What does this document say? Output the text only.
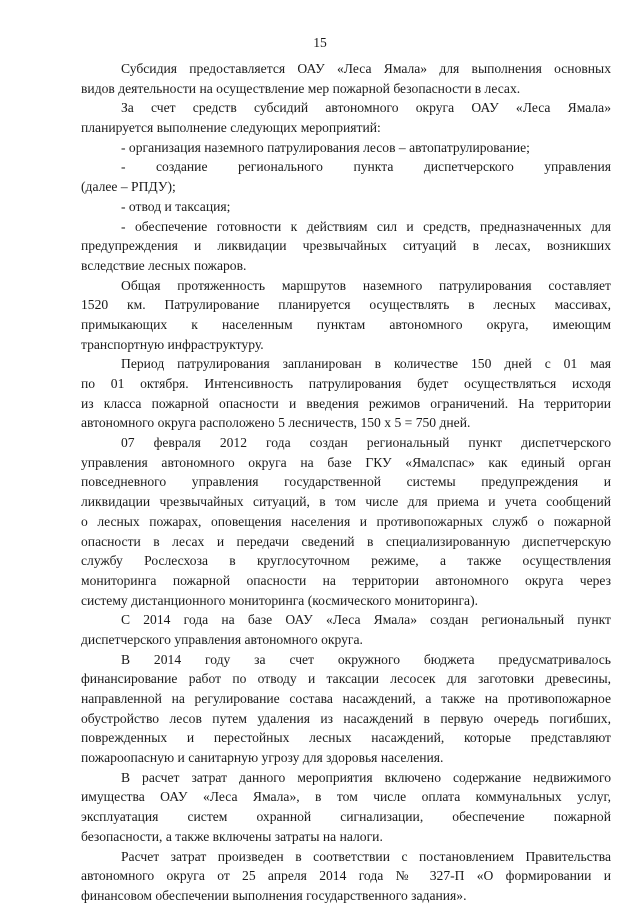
15
Субсидия предоставляется ОАУ «Леса Ямала» для выполнения основных
видов деятельности на осуществление мер пожарной безопасности в лесах.
За счет средств субсидий автономного округа ОАУ «Леса Ямала»
планируется выполнение следующих мероприятий:
- организация наземного патрулирования лесов – автопатрулирование;
- создание регионального пункта диспетчерского управления
(далее – РПДУ);
- отвод и таксация;
- обеспечение готовности к действиям сил и средств, предназначенных для
предупреждения и ликвидации чрезвычайных ситуаций в лесах, возникших
вследствие лесных пожаров.
Общая протяженность маршрутов наземного патрулирования составляет
1520 км. Патрулирование планируется осуществлять в лесных массивах,
примыкающих к населенным пунктам автономного округа, имеющим
транспортную инфраструктуру.
Период патрулирования запланирован в количестве 150 дней с 01 мая
по 01 октября. Интенсивность патрулирования будет осуществляться исходя
из класса пожарной опасности и введения режимов ограничений. На территории
автономного округа расположено 5 лесничеств, 150 х 5 = 750 дней.
07 февраля 2012 года создан региональный пункт диспетчерского
управления автономного округа на базе ГКУ «Ямалспас» как единый орган
повседневного управления государственной системы предупреждения и
ликвидации чрезвычайных ситуаций, в том числе для приема и учета сообщений
о лесных пожарах, оповещения населения и противопожарных служб о пожарной
опасности в лесах и передачи сведений в специализированную диспетчерскую
службу Рослесхоза в круглосуточном режиме, а также осуществления
мониторинга пожарной опасности на территории автономного округа через
систему дистанционного мониторинга (космического мониторинга).
С 2014 года на базе ОАУ «Леса Ямала» создан региональный пункт
диспетчерского управления автономного округа.
В 2014 году за счет окружного бюджета предусматривалось
финансирование работ по отводу и таксации лесосек для заготовки древесины,
направленной на регулирование состава насаждений, а также на противопожарное
обустройство лесов путем удаления из насаждений в первую очередь погибших,
поврежденных и перестойных лесных насаждений, которые представляют
пожароопасную и санитарную угрозу для здоровья населения.
В расчет затрат данного мероприятия включено содержание недвижимого
имущества ОАУ «Леса Ямала», в том числе оплата коммунальных услуг,
эксплуатация систем охранной сигнализации, обеспечение пожарной
безопасности, а также включены затраты на налоги.
Расчет затрат произведен в соответствии с постановлением Правительства
автономного округа от 25 апреля 2014 года № 327-П «О формировании и
финансовом обеспечении выполнения государственного задания».
